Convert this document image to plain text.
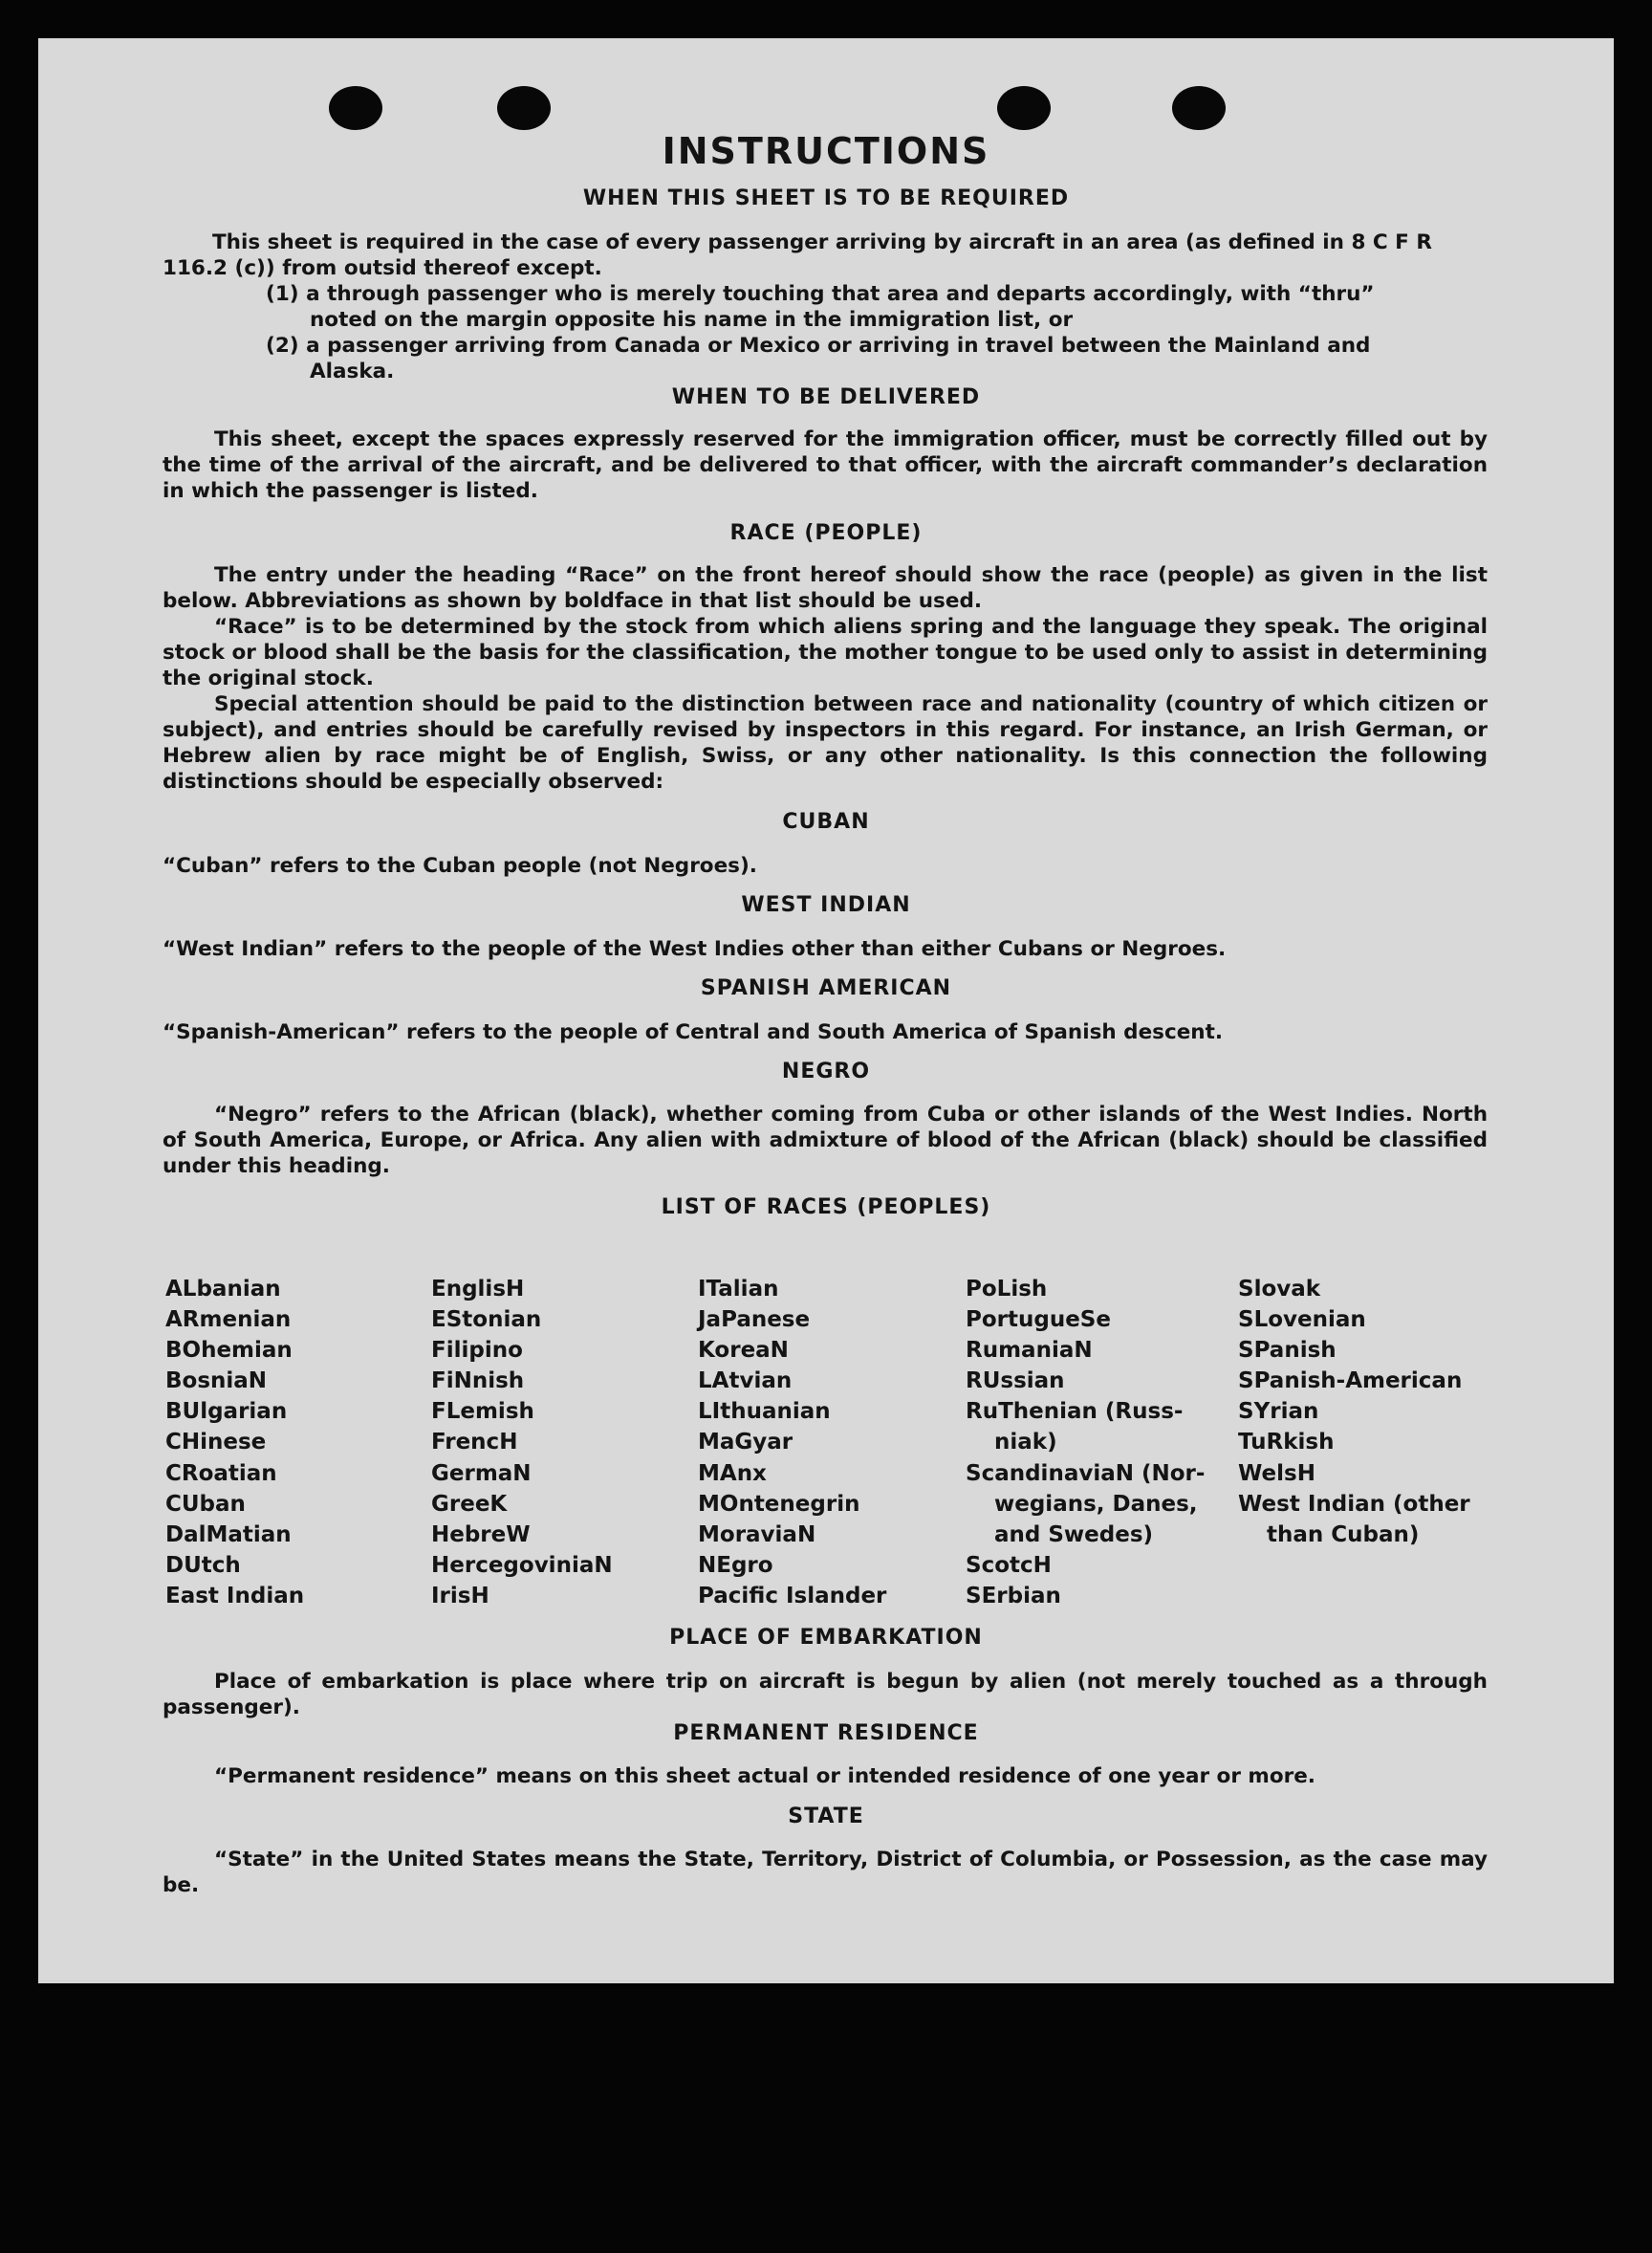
INSTRUCTIONS
WHEN THIS SHEET IS TO BE REQUIRED
This sheet is required in the case of every passenger arriving by aircraft in an area (as defined in 8 C F R
116.2 (c)) from outsid thereof except.
(1) a through passenger who is merely touching that area and departs accordingly, with “thru”
noted on the margin opposite his name in the immigration list, or
(2) a passenger arriving from Canada or Mexico or arriving in travel between the Mainland and
Alaska.
WHEN TO BE DELIVERED

This sheet, except the spaces expressly reserved for the immigration officer, must be correctly filled out by the time of the arrival of the aircraft, and be delivered to that officer, with the aircraft commander’s declaration in which the passenger is listed.

RACE (PEOPLE)

The entry under the heading “Race” on the front hereof should show the race (people) as given in the list below. Abbreviations as shown by boldface in that list should be used.

“Race” is to be determined by the stock from which aliens spring and the language they speak. The original stock or blood shall be the basis for the classification, the mother tongue to be used only to assist in determining the original stock.

Special attention should be paid to the distinction between race and nationality (country of which citizen or subject), and entries should be carefully revised by inspectors in this regard. For instance, an Irish German, or Hebrew alien by race might be of English, Swiss, or any other nationality. Is this connection the following distinctions should be especially observed:

CUBAN

“Cuban” refers to the Cuban people (not Negroes).

WEST INDIAN

“West Indian” refers to the people of the West Indies other than either Cubans or Negroes.

SPANISH AMERICAN

“Spanish-American” refers to the people of Central and South America of Spanish descent.

NEGRO

“Negro” refers to the African (black), whether coming from Cuba or other islands of the West Indies. North of South America, Europe, or Africa. Any alien with admixture of blood of the African (black) should be classified under this heading.

LIST OF RACES (PEOPLES)
ALbanian
ARmenian
BOhemian
BosniaN
BUlgarian
CHinese
CRoatian
CUban
DalMatian
DUtch
East Indian
EnglisH
EStonian
Filipino
FiNnish
FLemish
FrencH
GermaN
GreeK
HebreW
HercegoviniaN
IrisH
ITalian
JaPanese
KoreaN
LAtvian
LIthuanian
MaGyar
MAnx
MOntenegrin
MoraviaN
NEgro
Pacific Islander
PoLish
PortugueSe
RumaniaN
RUssian
RuThenian (Russ-
niak)
ScandinaviaN (Nor-
wegians, Danes,
and Swedes)
ScotcH
SErbian
Slovak
SLovenian
SPanish
SPanish-American
SYrian
TuRkish
WelsH
West Indian (other
than Cuban)
PLACE OF EMBARKATION

Place of embarkation is place where trip on aircraft is begun by alien (not merely touched as a through passenger).

PERMANENT RESIDENCE

“Permanent residence” means on this sheet actual or intended residence of one year or more.

STATE

“State” in the United States means the State, Territory, District of Columbia, or Possession, as the case may be.
